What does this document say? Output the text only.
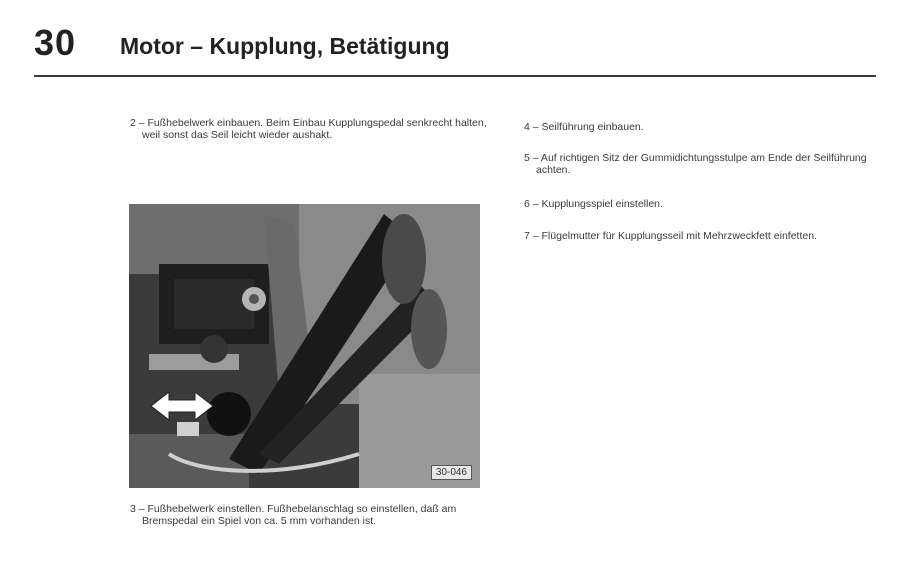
30 Motor – Kupplung, Betätigung
2 – Fußhebelwerk einbauen. Beim Einbau Kupplungspedal senkrecht halten, weil sonst das Seil leicht wieder aushakt.
30-046
3 – Fußhebelwerk einstellen. Fußhebelanschlag so einstellen, daß am Bremspedal ein Spiel von ca. 5 mm vorhanden ist.
4 – Seilführung einbauen.
5 – Auf richtigen Sitz der Gummidichtungsstulpe am Ende der Seilführung achten.
6 – Kupplungsspiel einstellen.
7 – Flügelmutter für Kupplungsseil mit Mehrzweckfett einfetten.
